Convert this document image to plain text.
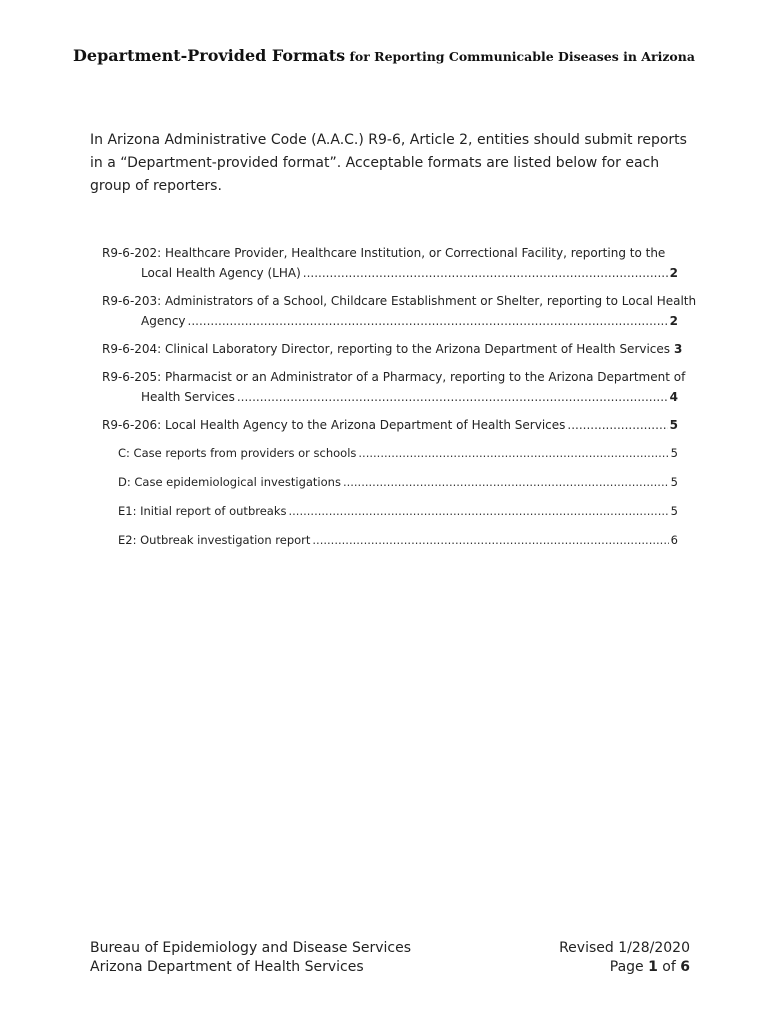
Department-Provided Formats for Reporting Communicable Diseases in Arizona
In Arizona Administrative Code (A.A.C.) R9-6, Article 2, entities should submit reports in a “Department-provided format”. Acceptable formats are listed below for each group of reporters.
R9-6-202: Healthcare Provider, Healthcare Institution, or Correctional Facility, reporting to the
Local Health Agency (LHA) .....	2
R9-6-203: Administrators of a School, Childcare Establishment or Shelter, reporting to Local Health
Agency .....	2
R9-6-204: Clinical Laboratory Director, reporting to the Arizona Department of Health Services 3
R9-6-205: Pharmacist or an Administrator of a Pharmacy, reporting to the Arizona Department of
Health Services .....	4
R9-6-206: Local Health Agency to the Arizona Department of Health Services .....	5
C: Case reports from providers or schools .....	5
D: Case epidemiological investigations .....	5
E1: Initial report of outbreaks .....	5
E2: Outbreak investigation report .....	6
Bureau of Epidemiology and Disease Services	Revised 1/28/2020
Arizona Department of Health Services	Page 1 of 6
